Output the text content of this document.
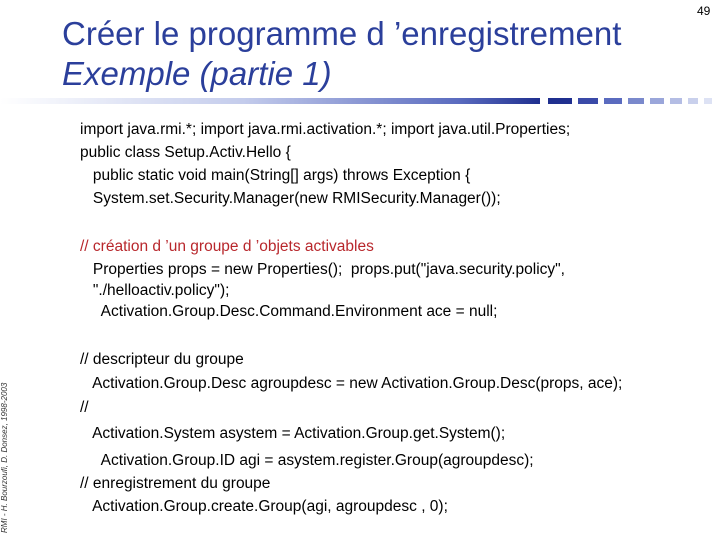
49
Créer le programme d ’enregistrement
Exemple (partie 1)
RMI - H. Bourzoufi, D. Donsez, 1998-2003
import java.rmi.*; import java.rmi.activation.*; import java.util.Properties;
public class Setup.Activ.Hello {
public static void main(String[] args) throws Exception {
System.set.Security.Manager(new RMISecurity.Manager());
// création d ’un groupe d ’objets activables
Properties props = new Properties();  props.put("java.security.policy",
"./helloactiv.policy");
Activation.Group.Desc.Command.Environment ace = null;
// descripteur du groupe
Activation.Group.Desc agroupdesc = new Activation.Group.Desc(props, ace);
//
Activation.System asystem = Activation.Group.get.System();
Activation.Group.ID agi = asystem.register.Group(agroupdesc);
// enregistrement du groupe
Activation.Group.create.Group(agi, agroupdesc , 0);
